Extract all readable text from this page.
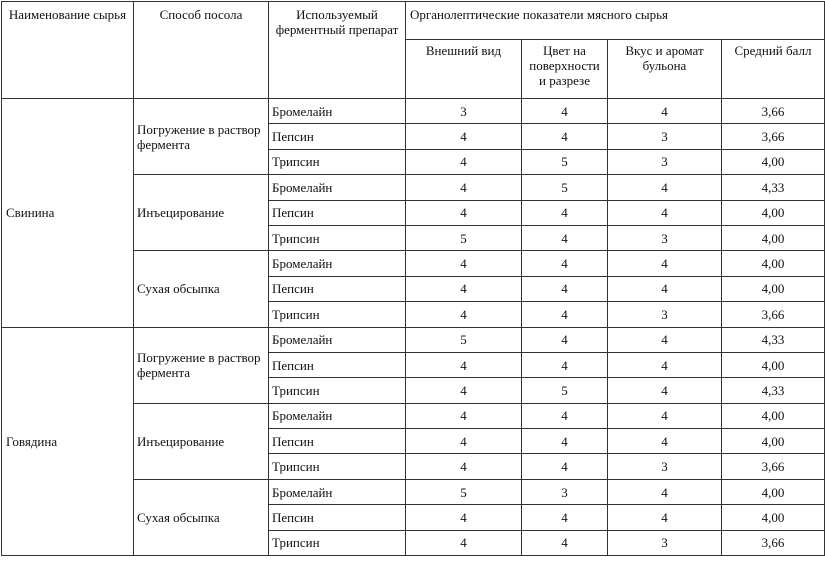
Наименование сырья	Способ посола	Используемый ферментный препарат	Органолептические показатели мясного сырья			
			Внешний вид	Цвет на поверхности и разрезе	Вкус и аромат бульона	Средний балл
Свинина	Погружение в раствор фермента	Бромелайн	3	4	4	3,66
		Пепсин	4	4	3	3,66
		Трипсин	4	5	3	4,00
	Инъецирование	Бромелайн	4	5	4	4,33
		Пепсин	4	4	4	4,00
		Трипсин	5	4	3	4,00
	Сухая обсыпка	Бромелайн	4	4	4	4,00
		Пепсин	4	4	4	4,00
		Трипсин	4	4	3	3,66
Говядина	Погружение в раствор фермента	Бромелайн	5	4	4	4,33
		Пепсин	4	4	4	4,00
		Трипсин	4	5	4	4,33
	Инъецирование	Бромелайн	4	4	4	4,00
		Пепсин	4	4	4	4,00
		Трипсин	4	4	3	3,66
	Сухая обсыпка	Бромелайн	5	3	4	4,00
		Пепсин	4	4	4	4,00
		Трипсин	4	4	3	3,66
